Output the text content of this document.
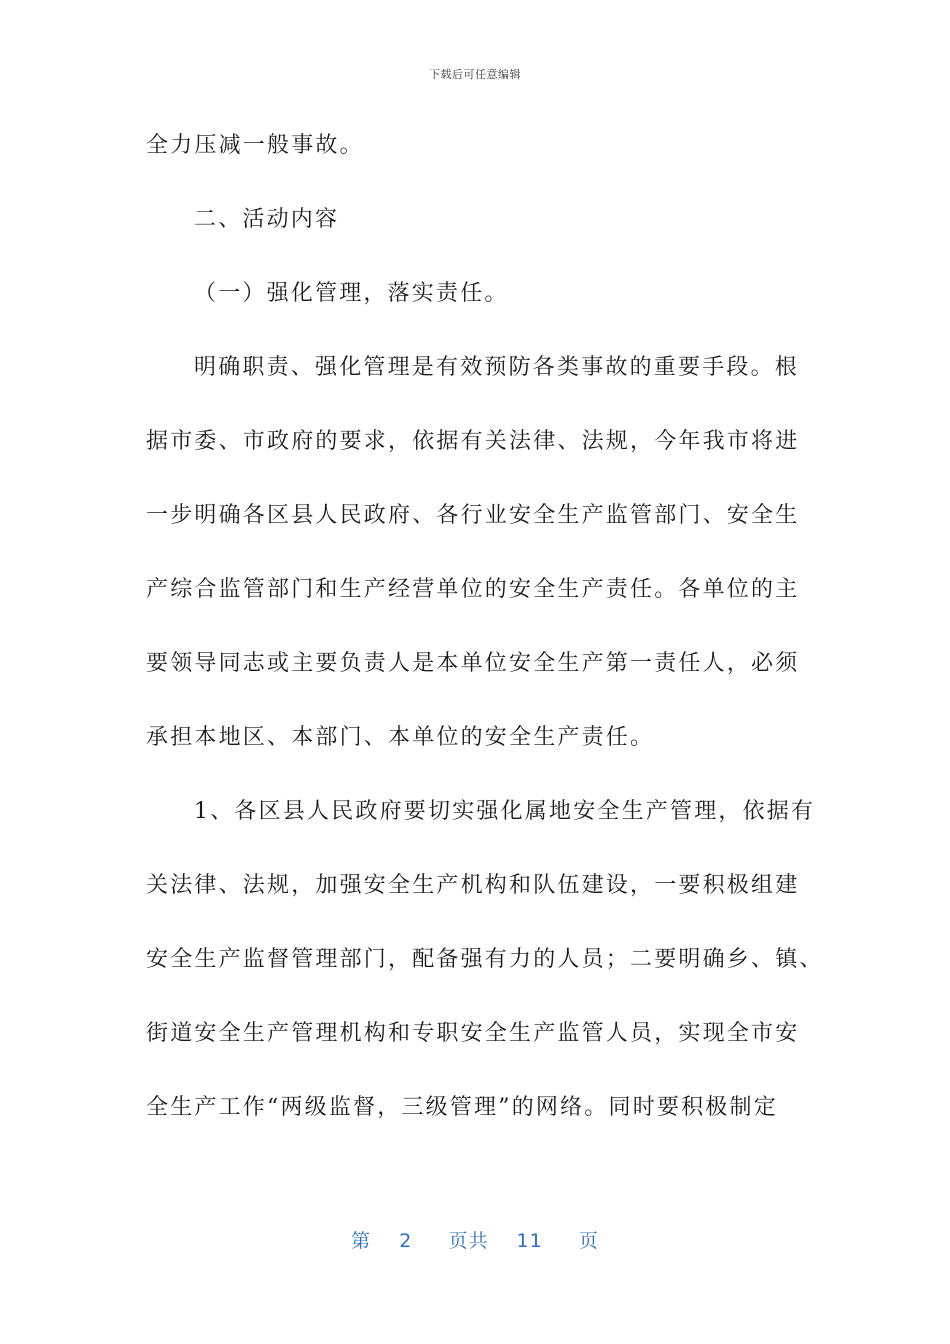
下载后可任意编辑
全力压减一般事故。
二、活动内容
（一）强化管理，落实责任。
明确职责、强化管理是有效预防各类事故的重要手段。根
据市委、市政府的要求，依据有关法律、法规，今年我市将进
一步明确各区县人民政府、各行业安全生产监管部门、安全生
产综合监管部门和生产经营单位的安全生产责任。各单位的主
要领导同志或主要负责人是本单位安全生产第一责任人，必须
承担本地区、本部门、本单位的安全生产责任。
1、各区县人民政府要切实强化属地安全生产管理，依据有
关法律、法规，加强安全生产机构和队伍建设，一要积极组建
安全生产监督管理部门，配备强有力的人员；二要明确乡、镇、
街道安全生产管理机构和专职安全生产监管人员，实现全市安
全生产工作“两级监督，三级管理”的网络。同时要积极制定
第 2 页共 11 页
